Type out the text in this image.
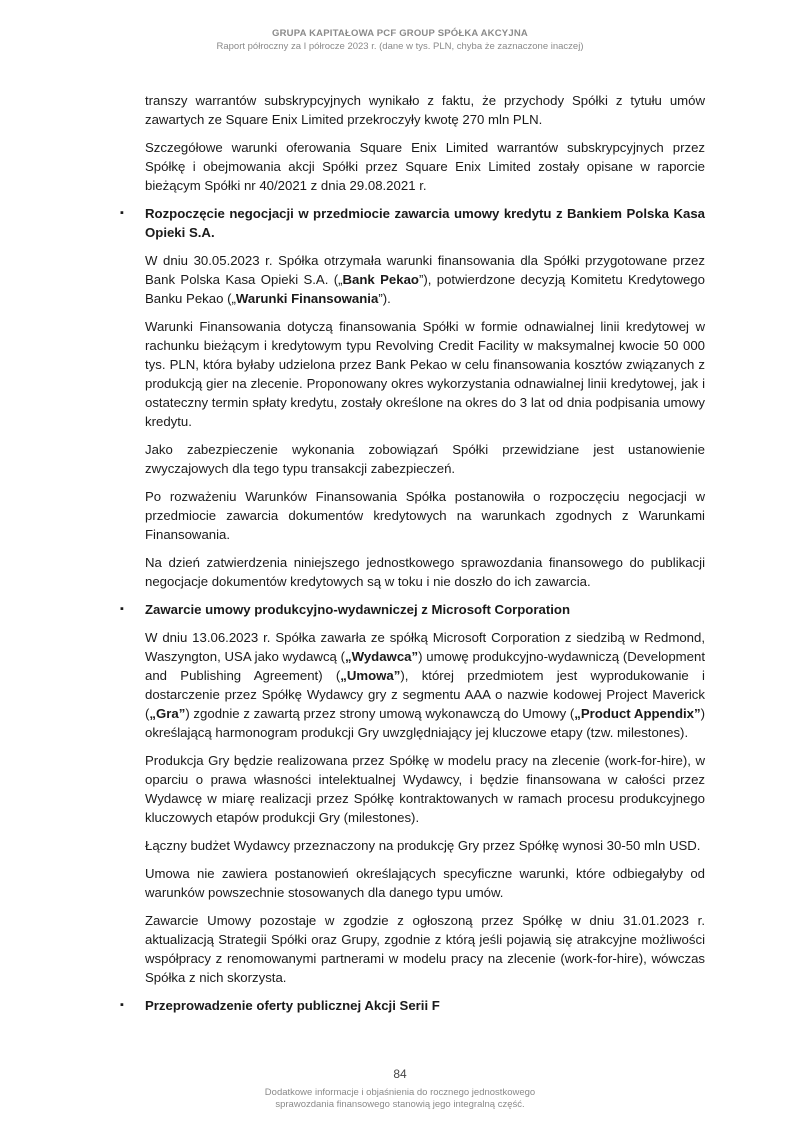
GRUPA KAPITAŁOWA PCF GROUP SPÓŁKA AKCYJNA
Raport półroczny za I półrocze 2023 r. (dane w tys. PLN, chyba że zaznaczone inaczej)

transzy warrantów subskrypcyjnych wynikało z faktu, że przychody Spółki z tytułu umów zawartych ze Square Enix Limited przekroczyły kwotę 270 mln PLN.

Szczegółowe warunki oferowania Square Enix Limited warrantów subskrypcyjnych przez Spółkę i obejmowania akcji Spółki przez Square Enix Limited zostały opisane w raporcie bieżącym Spółki nr 40/2021 z dnia 29.08.2021 r.

▪ Rozpoczęcie negocjacji w przedmiocie zawarcia umowy kredytu z Bankiem Polska Kasa Opieki S.A.

W dniu 30.05.2023 r. Spółka otrzymała warunki finansowania dla Spółki przygotowane przez Bank Polska Kasa Opieki S.A. („Bank Pekao”), potwierdzone decyzją Komitetu Kredytowego Banku Pekao („Warunki Finansowania”).

Warunki Finansowania dotyczą finansowania Spółki w formie odnawialnej linii kredytowej w rachunku bieżącym i kredytowym typu Revolving Credit Facility w maksymalnej kwocie 50 000 tys. PLN, która byłaby udzielona przez Bank Pekao w celu finansowania kosztów związanych z produkcją gier na zlecenie. Proponowany okres wykorzystania odnawialnej linii kredytowej, jak i ostateczny termin spłaty kredytu, zostały określone na okres do 3 lat od dnia podpisania umowy kredytu.

Jako zabezpieczenie wykonania zobowiązań Spółki przewidziane jest ustanowienie zwyczajowych dla tego typu transakcji zabezpieczeń.

Po rozważeniu Warunków Finansowania Spółka postanowiła o rozpoczęciu negocjacji w przedmiocie zawarcia dokumentów kredytowych na warunkach zgodnych z Warunkami Finansowania.

Na dzień zatwierdzenia niniejszego jednostkowego sprawozdania finansowego do publikacji negocjacje dokumentów kredytowych są w toku i nie doszło do ich zawarcia.

▪ Zawarcie umowy produkcyjno-wydawniczej z Microsoft Corporation

W dniu 13.06.2023 r. Spółka zawarła ze spółką Microsoft Corporation z siedzibą w Redmond, Waszyngton, USA jako wydawcą („Wydawca”) umowę produkcyjno-wydawniczą (Development and Publishing Agreement) („Umowa”), której przedmiotem jest wyprodukowanie i dostarczenie przez Spółkę Wydawcy gry z segmentu AAA o nazwie kodowej Project Maverick („Gra”) zgodnie z zawartą przez strony umową wykonawczą do Umowy („Product Appendix”) określającą harmonogram produkcji Gry uwzględniający jej kluczowe etapy (tzw. milestones).

Produkcja Gry będzie realizowana przez Spółkę w modelu pracy na zlecenie (work-for-hire), w oparciu o prawa własności intelektualnej Wydawcy, i będzie finansowana w całości przez Wydawcę w miarę realizacji przez Spółkę kontraktowanych w ramach procesu produkcyjnego kluczowych etapów produkcji Gry (milestones).

Łączny budżet Wydawcy przeznaczony na produkcję Gry przez Spółkę wynosi 30-50 mln USD.

Umowa nie zawiera postanowień określających specyficzne warunki, które odbiegałyby od warunków powszechnie stosowanych dla danego typu umów.

Zawarcie Umowy pozostaje w zgodzie z ogłoszoną przez Spółkę w dniu 31.01.2023 r. aktualizacją Strategii Spółki oraz Grupy, zgodnie z którą jeśli pojawią się atrakcyjne możliwości współpracy z renomowanymi partnerami w modelu pracy na zlecenie (work-for-hire), wówczas Spółka z nich skorzysta.

▪ Przeprowadzenie oferty publicznej Akcji Serii F
84
Dodatkowe informacje i objaśnienia do rocznego jednostkowego
sprawozdania finansowego stanowią jego integralną część.
